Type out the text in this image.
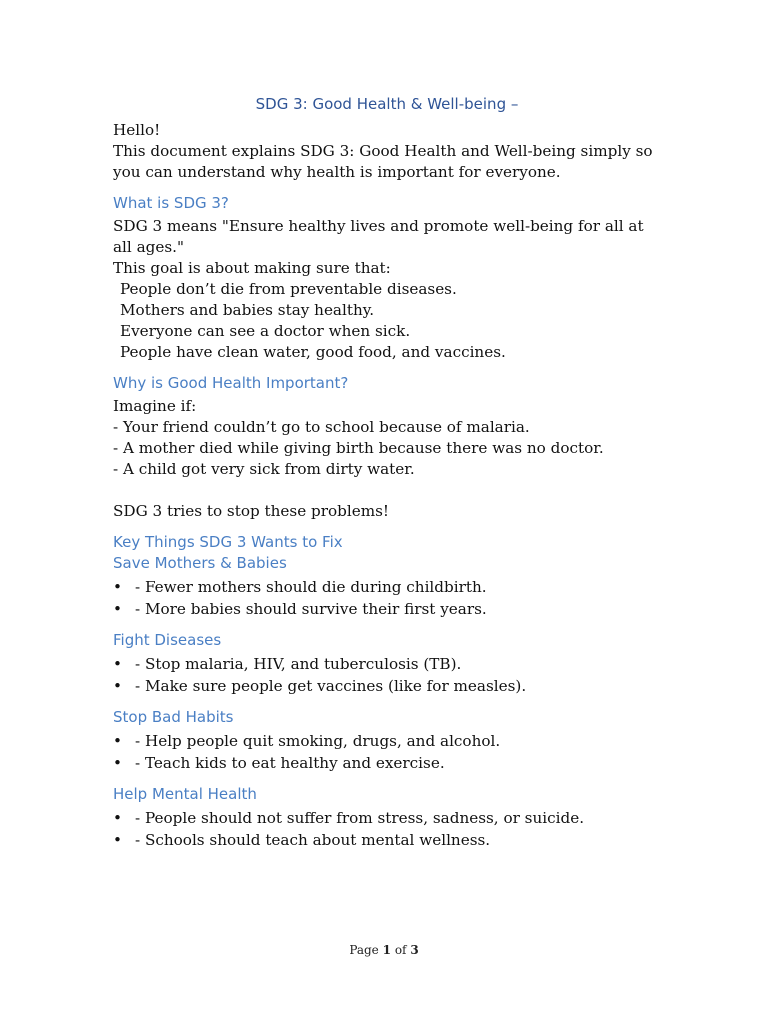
SDG 3: Good Health & Well-being –

Hello!

This document explains SDG 3: Good Health and Well-being simply so you can understand why health is important for everyone.

What is SDG 3?

SDG 3 means "Ensure healthy lives and promote well-being for all at all ages."

This goal is about making sure that:

People don’t die from preventable diseases.

Mothers and babies stay healthy.

Everyone can see a doctor when sick.

People have clean water, good food, and vaccines.

Why is Good Health Important?

Imagine if:

- Your friend couldn’t go to school because of malaria.

- A mother died while giving birth because there was no doctor.

- A child got very sick from dirty water.

SDG 3 tries to stop these problems!

Key Things SDG 3 Wants to Fix

Save Mothers & Babies

• - Fewer mothers should die during childbirth.
• - More babies should survive their first years.

Fight Diseases

• - Stop malaria, HIV, and tuberculosis (TB).
• - Make sure people get vaccines (like for measles).

Stop Bad Habits

• - Help people quit smoking, drugs, and alcohol.
• - Teach kids to eat healthy and exercise.

Help Mental Health

• - People should not suffer from stress, sadness, or suicide.
• - Schools should teach about mental wellness.
Page 1 of 3
